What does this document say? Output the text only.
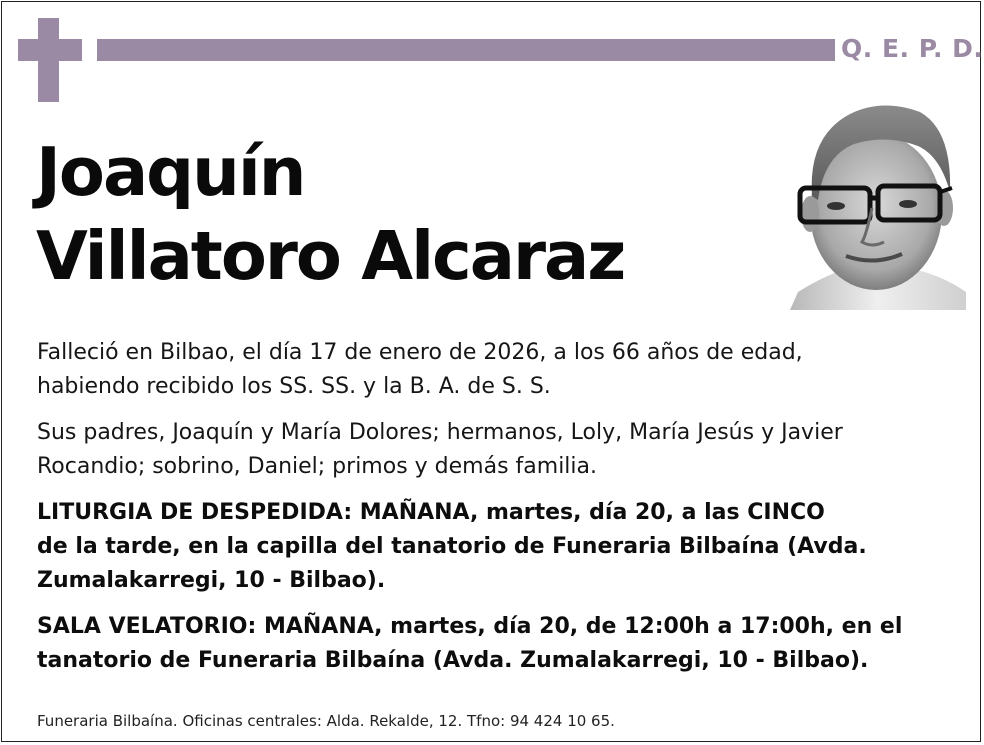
Q. E. P. D.
Joaquín
Villatoro Alcaraz

Falleció en Bilbao, el día 17 de enero de 2026, a los 66 años de edad,
habiendo recibido los SS. SS. y la B. A. de S. S.

Sus padres, Joaquín y María Dolores; hermanos, Loly, María Jesús y Javier
Rocandio; sobrino, Daniel; primos y demás familia.

LITURGIA DE DESPEDIDA: MAÑANA, martes, día 20, a las CINCO
de la tarde, en la capilla del tanatorio de Funeraria Bilbaína (Avda.
Zumalakarregi, 10 - Bilbao).

SALA VELATORIO: MAÑANA, martes, día 20, de 12:00h a 17:00h, en el
tanatorio de Funeraria Bilbaína (Avda. Zumalakarregi, 10 - Bilbao).

Funeraria Bilbaína. Oficinas centrales: Alda. Rekalde, 12. Tfno: 94 424 10 65.
